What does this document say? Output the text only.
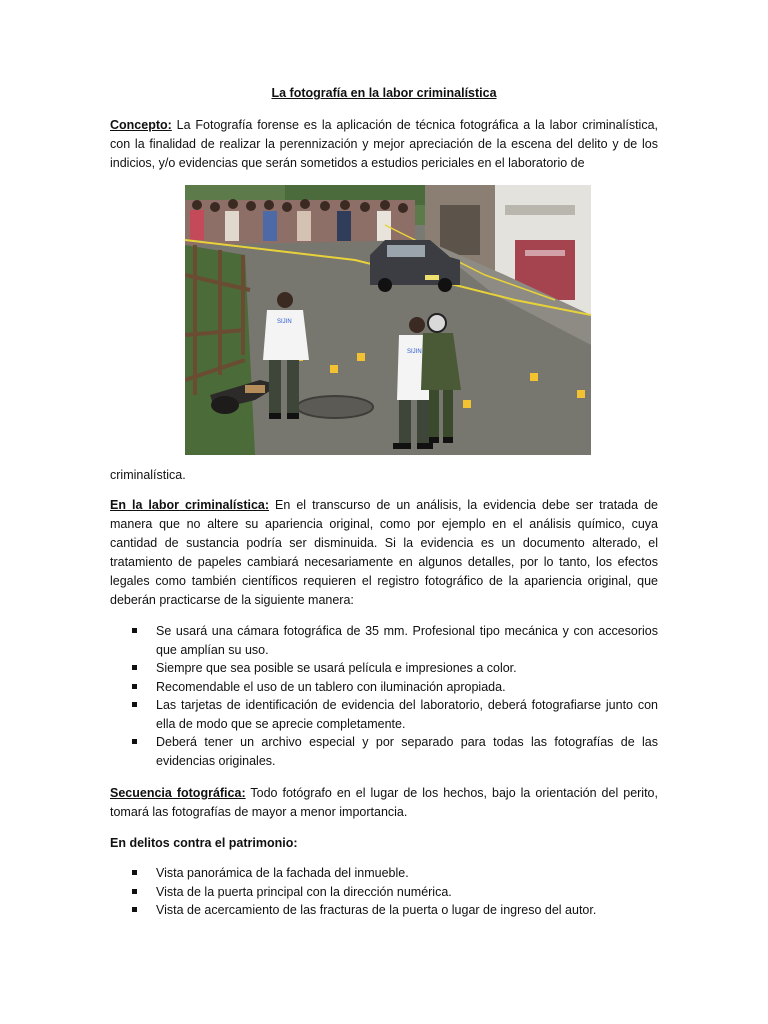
La fotografía en la labor criminalística

Concepto: La Fotografía forense es la aplicación de técnica fotográfica a la labor criminalística, con la finalidad de realizar la perennización y mejor apreciación de la escena del delito y de los indicios, y/o evidencias que serán sometidos a estudios periciales en el laboratorio de

SIJIN
SIJIN

criminalística.

En la labor criminalística: En el transcurso de un análisis, la evidencia debe ser tratada de manera que no altere su apariencia original, como por ejemplo en el análisis químico, cuya cantidad de sustancia podría ser disminuida. Si la evidencia es un documento alterado, el tratamiento de papeles cambiará necesariamente en algunos detalles, por lo tanto, los efectos legales como también científicos requieren el registro fotográfico de la apariencia original, que deberán practicarse de la siguiente manera:

Se usará una cámara fotográfica de 35 mm. Profesional tipo mecánica y con accesorios que amplían su uso.
Siempre que sea posible se usará película e impresiones a color.
Recomendable el uso de un tablero con iluminación apropiada.
Las tarjetas de identificación de evidencia del laboratorio, deberá fotografiarse junto con ella de modo que se aprecie completamente.
Deberá tener un archivo especial y por separado para todas las fotografías de las evidencias originales.

Secuencia fotográfica: Todo fotógrafo en el lugar de los hechos, bajo la orientación del perito, tomará las fotografías de mayor a menor importancia.

En delitos contra el patrimonio:

Vista panorámica de la fachada del inmueble.
Vista de la puerta principal con la dirección numérica.
Vista de acercamiento de las fracturas de la puerta o lugar de ingreso del autor.
